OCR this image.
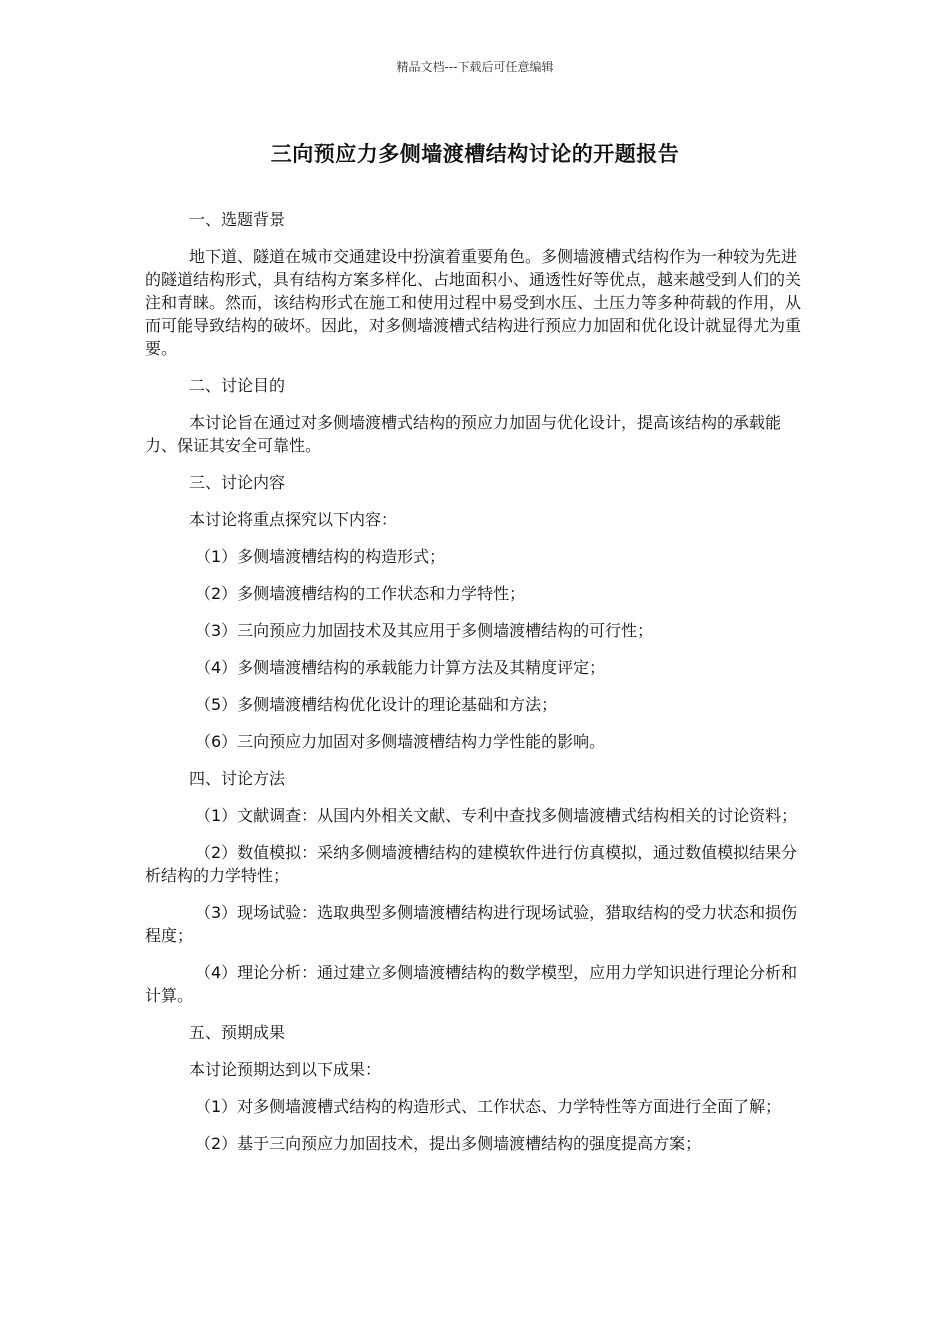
精品文档---下载后可任意编辑
三向预应力多侧墙渡槽结构讨论的开题报告

一、选题背景

地下道、隧道在城市交通建设中扮演着重要角色。多侧墙渡槽式结构作为一种较为先进的隧道结构形式，具有结构方案多样化、占地面积小、通透性好等优点，越来越受到人们的关注和青睐。然而，该结构形式在施工和使用过程中易受到水压、土压力等多种荷载的作用，从而可能导致结构的破坏。因此，对多侧墙渡槽式结构进行预应力加固和优化设计就显得尤为重要。

二、讨论目的

本讨论旨在通过对多侧墙渡槽式结构的预应力加固与优化设计，提高该结构的承载能力、保证其安全可靠性。

三、讨论内容

本讨论将重点探究以下内容：

（1）多侧墙渡槽结构的构造形式；

（2）多侧墙渡槽结构的工作状态和力学特性；

（3）三向预应力加固技术及其应用于多侧墙渡槽结构的可行性；

（4）多侧墙渡槽结构的承载能力计算方法及其精度评定；

（5）多侧墙渡槽结构优化设计的理论基础和方法；

（6）三向预应力加固对多侧墙渡槽结构力学性能的影响。

四、讨论方法

（1）文献调查：从国内外相关文献、专利中查找多侧墙渡槽式结构相关的讨论资料；

（2）数值模拟：采纳多侧墙渡槽结构的建模软件进行仿真模拟，通过数值模拟结果分析结构的力学特性；

（3）现场试验：选取典型多侧墙渡槽结构进行现场试验，猎取结构的受力状态和损伤程度；

（4）理论分析：通过建立多侧墙渡槽结构的数学模型，应用力学知识进行理论分析和计算。

五、预期成果

本讨论预期达到以下成果：

（1）对多侧墙渡槽式结构的构造形式、工作状态、力学特性等方面进行全面了解；

（2）基于三向预应力加固技术，提出多侧墙渡槽结构的强度提高方案；
